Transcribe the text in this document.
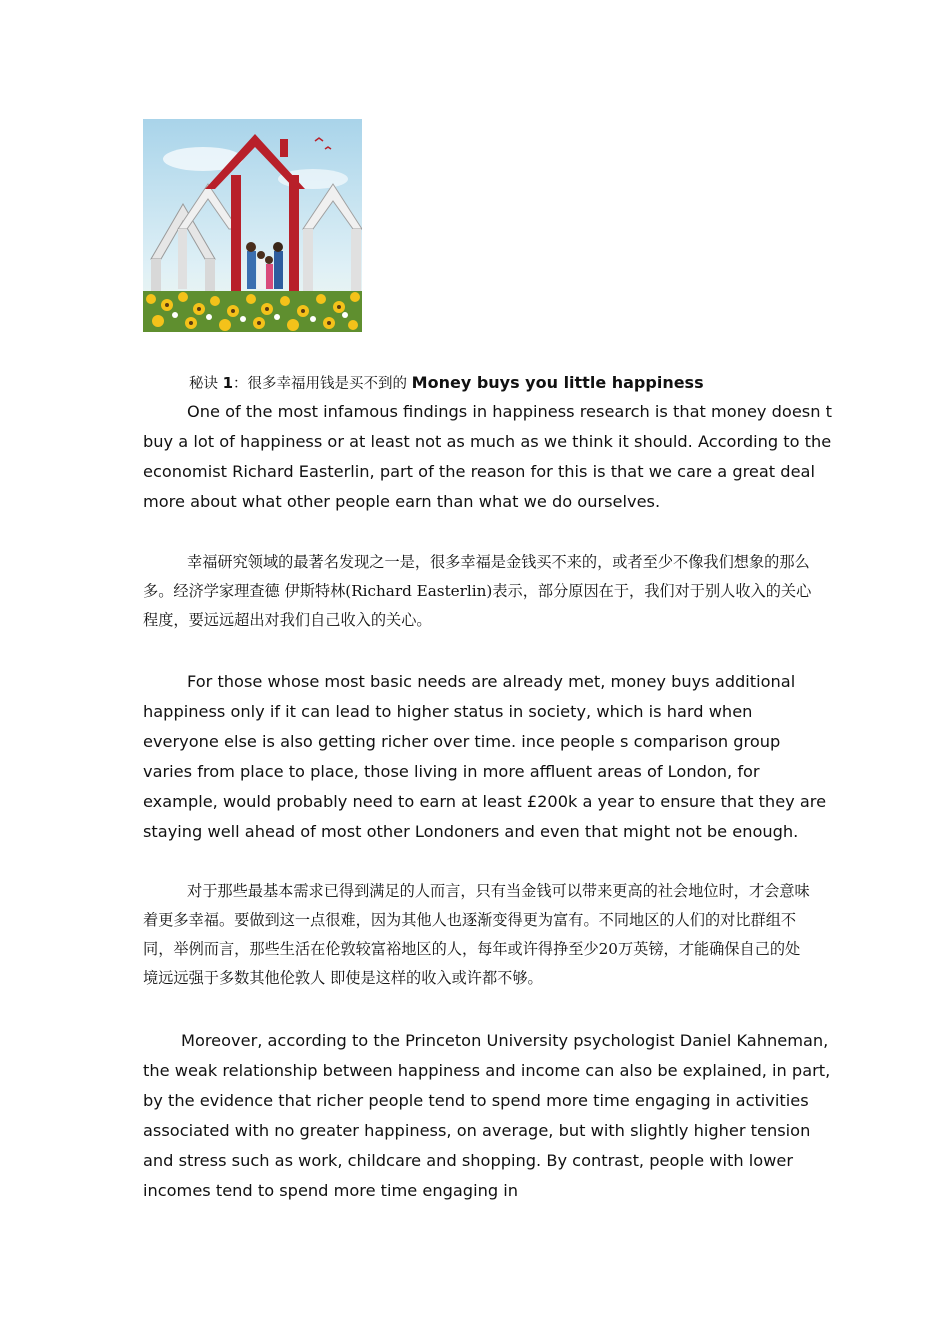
秘诀 1：很多幸福用钱是买不到的 Money buys you little happiness

One of the most infamous findings in happiness research is that money doesn t buy a lot of happiness or at least not as much as we think it should. According to the economist Richard Easterlin, part of the reason for this is that we care a great deal more about what other people earn than what we do ourselves.

幸福研究领域的最著名发现之一是，很多幸福是金钱买不来的，或者至少不像我们想象的那么多。经济学家理查德 伊斯特林(Richard Easterlin)表示，部分原因在于，我们对于别人收入的关心程度，要远远超出对我们自己收入的关心。

For those whose most basic needs are already met, money buys additional happiness only if it can lead to higher status in society, which is hard when everyone else is also getting richer over time. ince people s comparison group varies from place to place, those living in more affluent areas of London, for example, would probably need to earn at least £200k a year to ensure that they are staying well ahead of most other Londoners and even that might not be enough.

对于那些最基本需求已得到满足的人而言，只有当金钱可以带来更高的社会地位时，才会意味着更多幸福。要做到这一点很难，因为其他人也逐渐变得更为富有。不同地区的人们的对比群组不同，举例而言，那些生活在伦敦较富裕地区的人，每年或许得挣至少20万英镑，才能确保自己的处境远远强于多数其他伦敦人 即使是这样的收入或许都不够。

Moreover, according to the Princeton University psychologist Daniel Kahneman, the weak relationship between happiness and income can also be explained, in part, by the evidence that richer people tend to spend more time engaging in activities associated with no greater happiness, on average, but with slightly higher tension and stress such as work, childcare and shopping. By contrast, people with lower incomes tend to spend more time engaging in
